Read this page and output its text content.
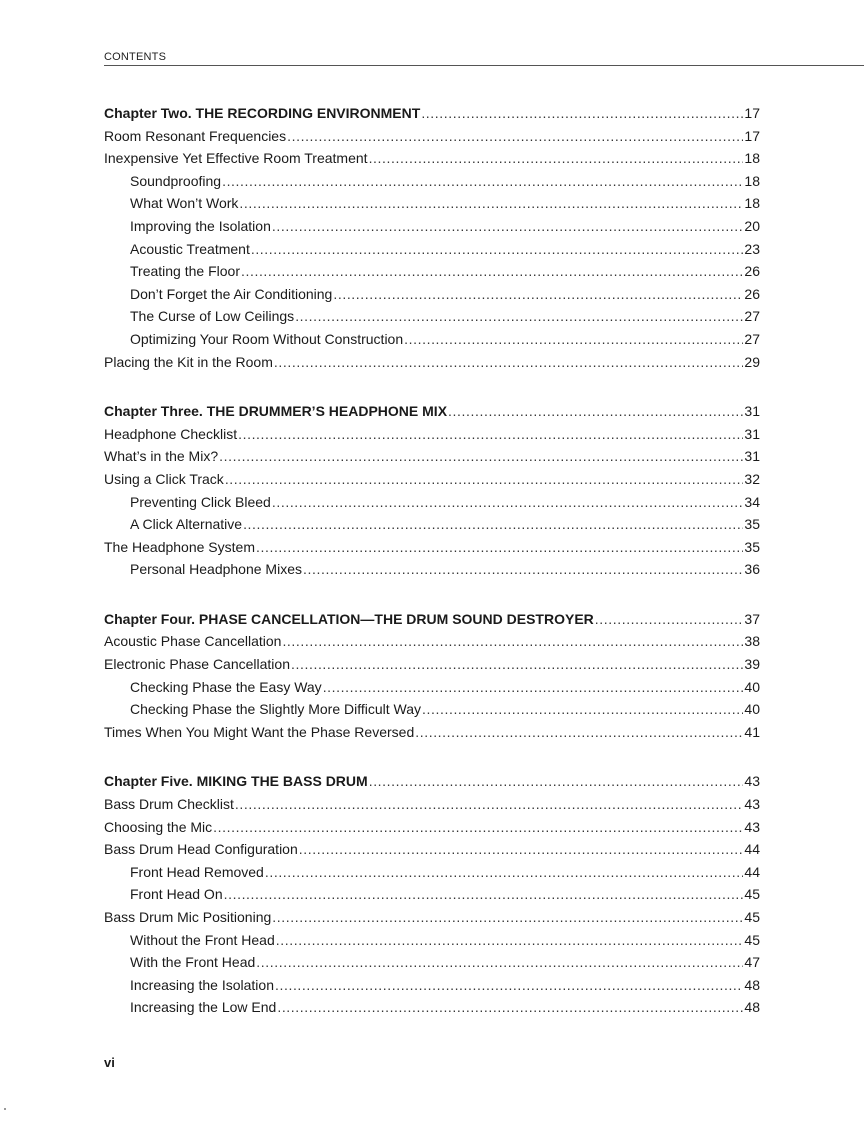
CONTENTS
Chapter Two. THE RECORDING ENVIRONMENT .....	17
Room Resonant Frequencies .....	17
Inexpensive Yet Effective Room Treatment .....	18
Soundproofing .....	18
What Won’t Work .....	18
Improving the Isolation .....	20
Acoustic Treatment .....	23
Treating the Floor .....	26
Don’t Forget the Air Conditioning .....	26
The Curse of Low Ceilings .....	27
Optimizing Your Room Without Construction .....	27
Placing the Kit in the Room .....	29
Chapter Three. THE DRUMMER’S HEADPHONE MIX .....	31
Headphone Checklist .....	31
What’s in the Mix? .....	31
Using a Click Track .....	32
Preventing Click Bleed .....	34
A Click Alternative .....	35
The Headphone System .....	35
Personal Headphone Mixes .....	36
Chapter Four. PHASE CANCELLATION—THE DRUM SOUND DESTROYER .....	37
Acoustic Phase Cancellation .....	38
Electronic Phase Cancellation .....	39
Checking Phase the Easy Way .....	40
Checking Phase the Slightly More Difficult Way .....	40
Times When You Might Want the Phase Reversed .....	41
Chapter Five. MIKING THE BASS DRUM .....	43
Bass Drum Checklist .....	43
Choosing the Mic .....	43
Bass Drum Head Configuration .....	44
Front Head Removed .....	44
Front Head On .....	45
Bass Drum Mic Positioning .....	45
Without the Front Head .....	45
With the Front Head .....	47
Increasing the Isolation .....	48
Increasing the Low End .....	48
vi
